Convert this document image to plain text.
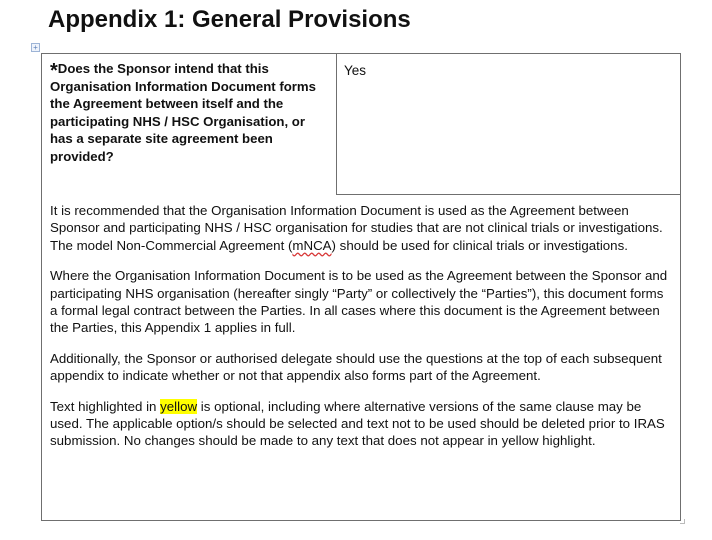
Appendix 1: General Provisions
+
*Does the Sponsor intend that this Organisation Information Document forms the Agreement between itself and the participating NHS / HSC Organisation, or has a separate site agreement been provided?
Yes

It is recommended that the Organisation Information Document is used as the Agreement between Sponsor and participating NHS / HSC organisation for studies that are not clinical trials or investigations. The model Non-Commercial Agreement (mNCA) should be used for clinical trials or investigations.

Where the Organisation Information Document is to be used as the Agreement between the Sponsor and participating NHS organisation (hereafter singly “Party” or collectively the “Parties”), this document forms a formal legal contract between the Parties. In all cases where this document is the Agreement between the Parties, this Appendix 1 applies in full.

Additionally, the Sponsor or authorised delegate should use the questions at the top of each subsequent appendix to indicate whether or not that appendix also forms part of the Agreement.

Text highlighted in yellow is optional, including where alternative versions of the same clause may be used. The applicable option/s should be selected and text not to be used should be deleted prior to IRAS submission. No changes should be made to any text that does not appear in yellow highlight.
